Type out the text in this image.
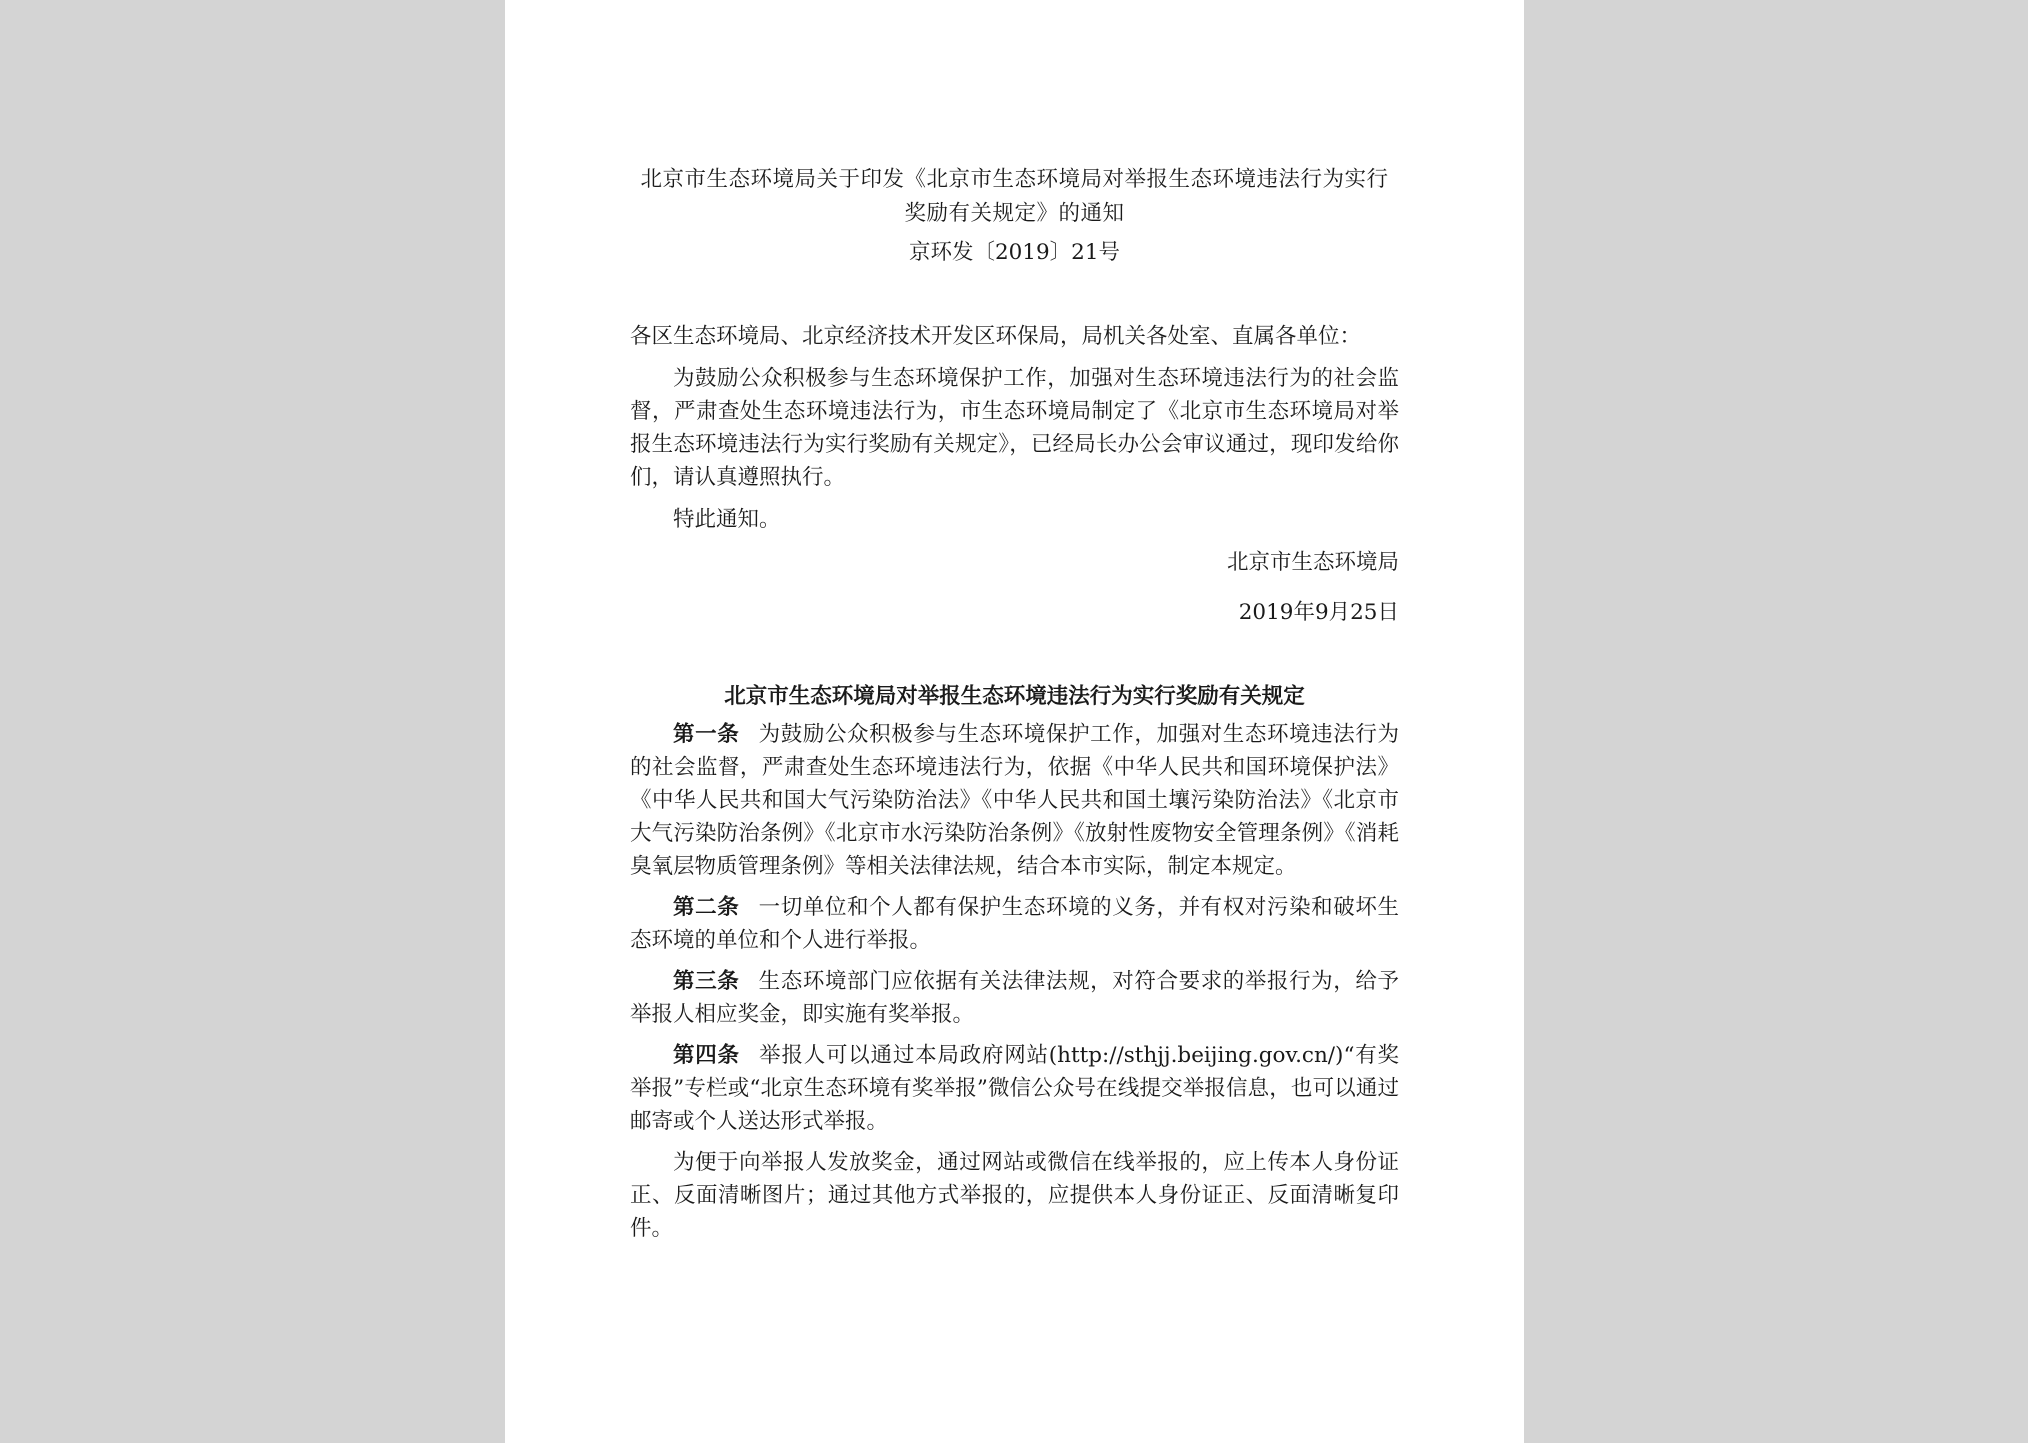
北京市生态环境局关于印发《北京市生态环境局对举报生态环境违法行为实行奖励有关规定》的通知

京环发〔2019〕21号

各区生态环境局、北京经济技术开发区环保局，局机关各处室、直属各单位：

为鼓励公众积极参与生态环境保护工作，加强对生态环境违法行为的社会监督，严肃查处生态环境违法行为，市生态环境局制定了《北京市生态环境局对举报生态环境违法行为实行奖励有关规定》，已经局长办公会审议通过，现印发给你们，请认真遵照执行。

特此通知。

北京市生态环境局

2019年9月25日

北京市生态环境局对举报生态环境违法行为实行奖励有关规定

第一条 为鼓励公众积极参与生态环境保护工作，加强对生态环境违法行为的社会监督，严肃查处生态环境违法行为，依据《中华人民共和国环境保护法》《中华人民共和国大气污染防治法》《中华人民共和国土壤污染防治法》《北京市大气污染防治条例》《北京市水污染防治条例》《放射性废物安全管理条例》《消耗臭氧层物质管理条例》等相关法律法规，结合本市实际，制定本规定。

第二条 一切单位和个人都有保护生态环境的义务，并有权对污染和破坏生态环境的单位和个人进行举报。

第三条 生态环境部门应依据有关法律法规，对符合要求的举报行为，给予举报人相应奖金，即实施有奖举报。

第四条 举报人可以通过本局政府网站(http://sthjj.beijing.gov.cn/)“有奖举报”专栏或“北京生态环境有奖举报”微信公众号在线提交举报信息，也可以通过邮寄或个人送达形式举报。

为便于向举报人发放奖金，通过网站或微信在线举报的，应上传本人身份证正、反面清晰图片；通过其他方式举报的，应提供本人身份证正、反面清晰复印件。
